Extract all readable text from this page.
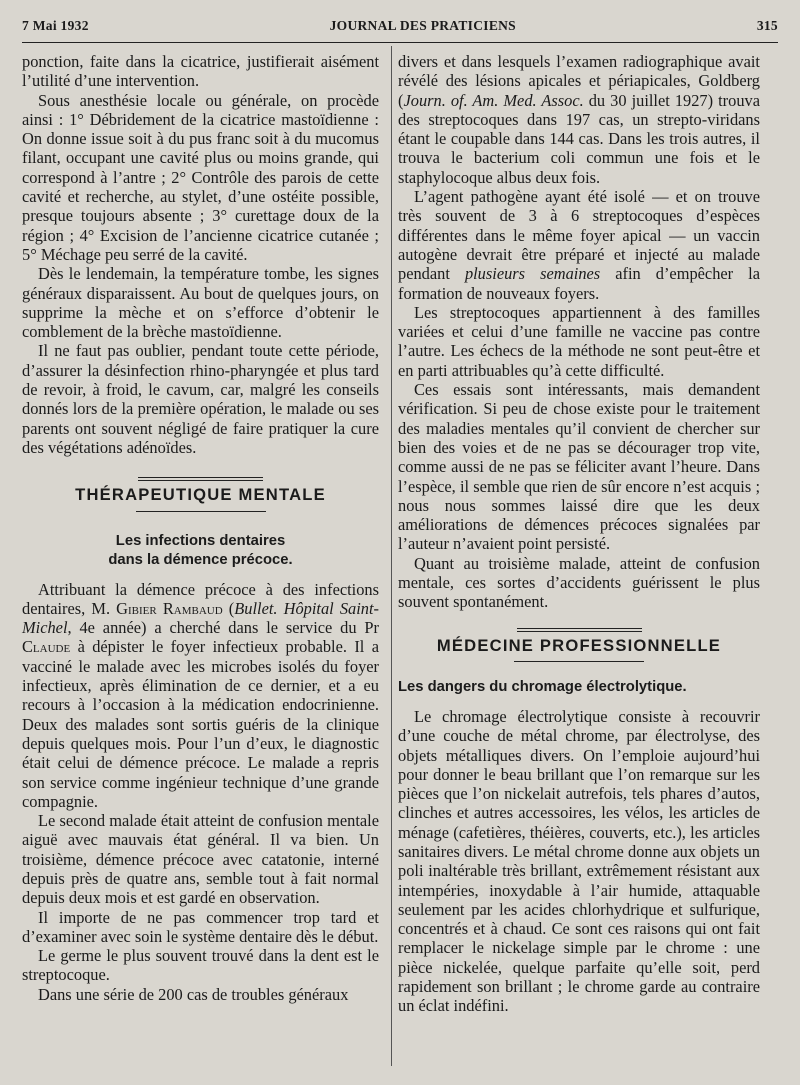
7 Mai 1932	JOURNAL DES PRATICIENS	315

ponction, faite dans la cicatrice, justifierait aisément l’utilité d’une intervention.

Sous anesthésie locale ou générale, on procède ainsi : 1° Débridement de la cicatrice mastoïdienne : On donne issue soit à du pus franc soit à du mucomus filant, occupant une cavité plus ou moins grande, qui correspond à l’antre ; 2° Contrôle des parois de cette cavité et recherche, au stylet, d’une ostéite possible, presque toujours absente ; 3° curettage doux de la région ; 4° Excision de l’ancienne cicatrice cutanée ; 5° Méchage peu serré de la cavité.

Dès le lendemain, la température tombe, les signes généraux disparaissent. Au bout de quelques jours, on supprime la mèche et on s’efforce d’obtenir le comblement de la brèche mastoïdienne.

Il ne faut pas oublier, pendant toute cette période, d’assurer la désinfection rhino-pharyngée et plus tard de revoir, à froid, le cavum, car, malgré les conseils donnés lors de la première opération, le malade ou ses parents ont souvent négligé de faire pratiquer la cure des végétations adénoïdes.

THÉRAPEUTIQUE MENTALE
Les infections dentaires
dans la démence précoce.

Attribuant la démence précoce à des infections dentaires, M. Gibier Rambaud (Bullet. Hôpital Saint-Michel, 4e année) a cherché dans le service du Pr Claude à dépister le foyer infectieux probable. Il a vacciné le malade avec les microbes isolés du foyer infectieux, après élimination de ce dernier, et a eu recours à l’occasion à la médication endocrinienne. Deux des malades sont sortis guéris de la clinique depuis quelques mois. Pour l’un d’eux, le diagnostic était celui de démence précoce. Le malade a repris son service comme ingénieur technique d’une grande compagnie.

Le second malade était atteint de confusion mentale aiguë avec mauvais état général. Il va bien. Un troisième, démence précoce avec catatonie, interné depuis près de quatre ans, semble tout à fait normal depuis deux mois et est gardé en observation.

Il importe de ne pas commencer trop tard et d’examiner avec soin le système dentaire dès le début.

Le germe le plus souvent trouvé dans la dent est le streptocoque.

Dans une série de 200 cas de troubles généraux

divers et dans lesquels l’examen radiographique avait révélé des lésions apicales et périapicales, Goldberg (Journ. of. Am. Med. Assoc. du 30 juillet 1927) trouva des streptocoques dans 197 cas, un strepto-viridans étant le coupable dans 144 cas. Dans les trois autres, il trouva le bacterium coli commun une fois et le staphylocoque albus deux fois.

L’agent pathogène ayant été isolé — et on trouve très souvent de 3 à 6 streptocoques d’espèces différentes dans le même foyer apical — un vaccin autogène devrait être préparé et injecté au malade pendant plusieurs semaines afin d’empêcher la formation de nouveaux foyers.

Les streptocoques appartiennent à des familles variées et celui d’une famille ne vaccine pas contre l’autre. Les échecs de la méthode ne sont peut-être et en parti attribuables qu’à cette difficulté.

Ces essais sont intéressants, mais demandent vérification. Si peu de chose existe pour le traitement des maladies mentales qu’il convient de chercher sur bien des voies et de ne pas se décourager trop vite, comme aussi de ne pas se féliciter avant l’heure. Dans l’espèce, il semble que rien de sûr encore n’est acquis ; nous nous sommes laissé dire que les deux améliorations de démences précoces signalées par l’auteur n’avaient point persisté.

Quant au troisième malade, atteint de confusion mentale, ces sortes d’accidents guérissent le plus souvent spontanément.

MÉDECINE PROFESSIONNELLE
Les dangers du chromage électrolytique.

Le chromage électrolytique consiste à recouvrir d’une couche de métal chrome, par électrolyse, des objets métalliques divers. On l’emploie aujourd’hui pour donner le beau brillant que l’on remarque sur les pièces que l’on nickelait autrefois, tels phares d’autos, clinches et autres accessoires, les vélos, les articles de ménage (cafetières, théières, couverts, etc.), les articles sanitaires divers. Le métal chrome donne aux objets un poli inaltérable très brillant, extrêmement résistant aux intempéries, inoxydable à l’air humide, attaquable seulement par les acides chlorhydrique et sulfurique, concentrés et à chaud. Ce sont ces raisons qui ont fait remplacer le nickelage simple par le chrome : une pièce nickelée, quelque parfaite qu’elle soit, perd rapidement son brillant ; le chrome garde au contraire un éclat indéfini.
